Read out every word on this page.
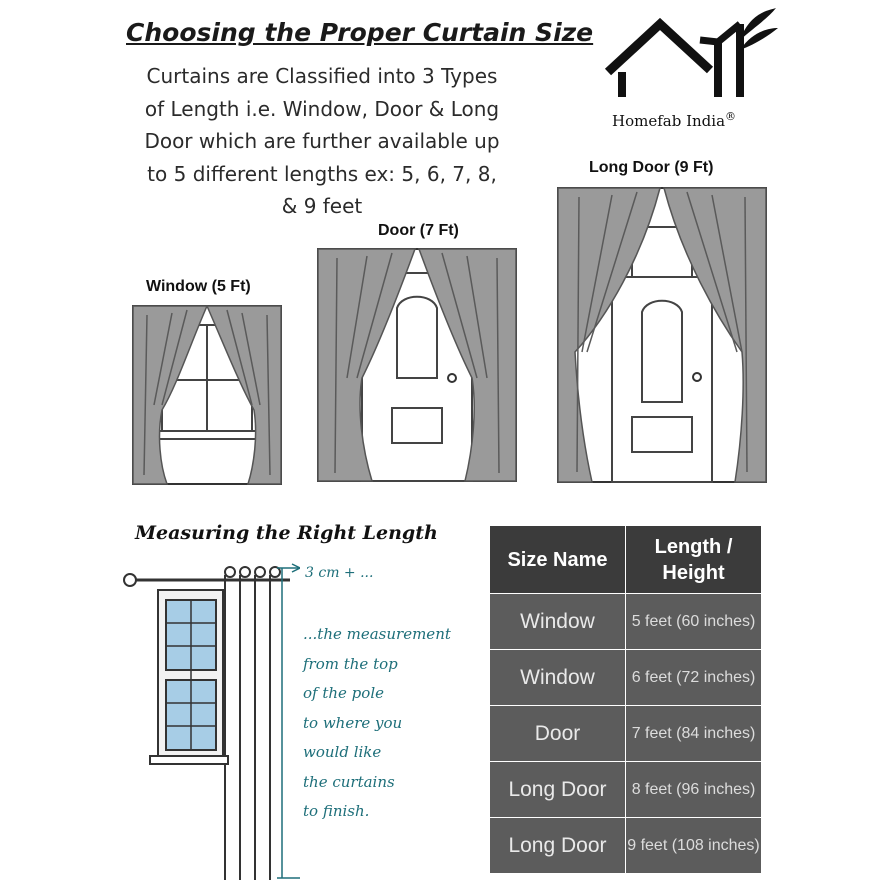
Choosing the Proper Curtain Size
Curtains are Classified into 3 Types
of Length i.e. Window, Door & Long
Door which are further available up
to 5 different lengths ex: 5, 6, 7, 8,
& 9 feet
Homefab India®
Window (5 Ft)
Door (7 Ft)
Long Door (9 Ft)
Measuring the Right Length
3 cm + ...
...the measurement
from the top
of the pole
to where you
would like
the curtains
to finish.
Size Name	Length / Height
Window	5 feet (60 inches)
Window	6 feet (72 inches)
Door	7 feet (84 inches)
Long Door	8 feet (96 inches)
Long Door	9 feet (108 inches)
